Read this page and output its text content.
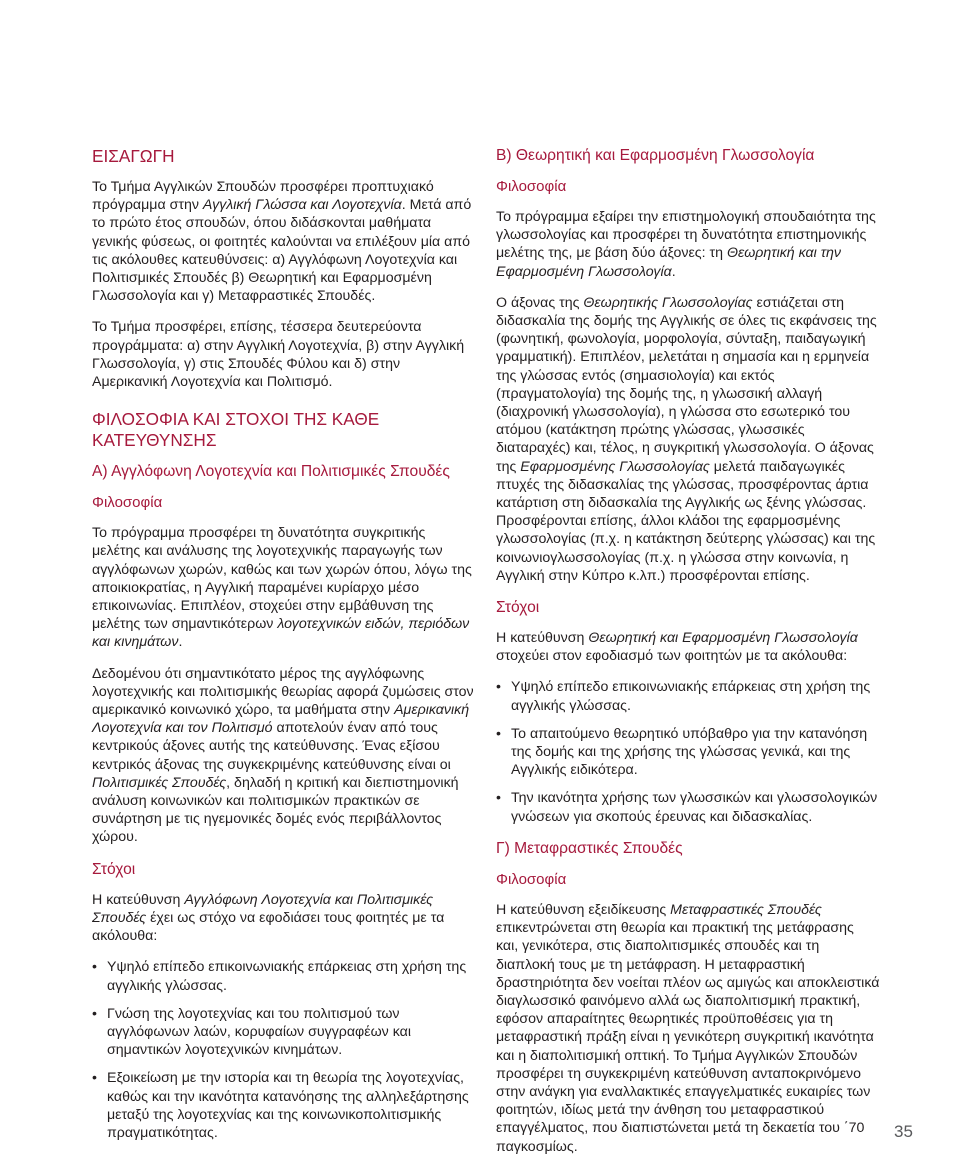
ΕΙΣΑΓΩΓΗ

Το Τμήμα Αγγλικών Σπουδών προσφέρει προπτυχιακό πρόγραμμα στην Αγγλική Γλώσσα και Λογοτεχνία. Μετά από το πρώτο έτος σπουδών, όπου διδάσκονται μαθήματα γενικής φύσεως, οι φοιτητές καλούνται να επιλέξουν μία από τις ακόλουθες κατευθύνσεις: α) Αγγλόφωνη Λογοτεχνία και Πολιτισμικές Σπουδές β) Θεωρητική και Εφαρμοσμένη Γλωσσολογία και γ) Μεταφραστικές Σπουδές.

Το Τμήμα προσφέρει, επίσης, τέσσερα δευτερεύοντα προγράμματα: α) στην Αγγλική Λογοτεχνία, β) στην Αγγλική Γλωσσολογία, γ) στις Σπουδές Φύλου και δ) στην Αμερικανική Λογοτεχνία και Πολιτισμό.

ΦΙΛΟΣΟΦΙΑ ΚΑΙ ΣΤΟΧΟΙ ΤΗΣ ΚΑΘΕ ΚΑΤΕΥΘΥΝΣΗΣ
Α) Αγγλόφωνη Λογοτεχνία και Πολιτισμικές Σπουδές
Φιλοσοφία

Το πρόγραμμα προσφέρει τη δυνατότητα συγκριτικής μελέτης και ανάλυσης της λογοτεχνικής παραγωγής των αγγλόφωνων χωρών, καθώς και των χωρών όπου, λόγω της αποικιοκρατίας, η Αγγλική παραμένει κυρίαρχο μέσο επικοινωνίας. Επιπλέον, στοχεύει στην εμβάθυνση της μελέτης των σημαντικότερων λογοτεχνικών ειδών, περιόδων και κινημάτων.

Δεδομένου ότι σημαντικότατο μέρος της αγγλόφωνης λογοτεχνικής και πολιτισμικής θεωρίας αφορά ζυμώσεις στον αμερικανικό κοινωνικό χώρο, τα μαθήματα στην Αμερικανική Λογοτεχνία και τον Πολιτισμό αποτελούν έναν από τους κεντρικούς άξονες αυτής της κατεύθυνσης. Ένας εξίσου κεντρικός άξονας της συγκεκριμένης κατεύθυνσης είναι οι Πολιτισμικές Σπουδές, δηλαδή η κριτική και διεπιστημονική ανάλυση κοινωνικών και πολιτισμικών πρακτικών σε συνάρτηση με τις ηγεμονικές δομές ενός περιβάλλοντος χώρου.

Στόχοι

Η κατεύθυνση Αγγλόφωνη Λογοτεχνία και Πολιτισμικές Σπουδές έχει ως στόχο να εφοδιάσει τους φοιτητές με τα ακόλουθα:

• Υψηλό επίπεδο επικοινωνιακής επάρκειας στη χρήση της αγγλικής γλώσσας.
• Γνώση της λογοτεχνίας και του πολιτισμού των αγγλόφωνων λαών, κορυφαίων συγγραφέων και σημαντικών λογοτεχνικών κινημάτων.
• Εξοικείωση με την ιστορία και τη θεωρία της λογοτεχνίας, καθώς και την ικανότητα κατανόησης της αλληλεξάρτησης μεταξύ της λογοτεχνίας και της κοινωνικοπολιτισμικής πραγματικότητας.
Β) Θεωρητική και Εφαρμοσμένη Γλωσσολογία
Φιλοσοφία

Το πρόγραμμα εξαίρει την επιστημολογική σπουδαιότητα της γλωσσολογίας και προσφέρει τη δυνατότητα επιστημονικής μελέτης της, με βάση δύο άξονες: τη Θεωρητική και την Εφαρμοσμένη Γλωσσολογία.

Ο άξονας της Θεωρητικής Γλωσσολογίας εστιάζεται στη διδασκαλία της δομής της Αγγλικής σε όλες τις εκφάνσεις της (φωνητική, φωνολογία, μορφολογία, σύνταξη, παιδαγωγική γραμματική). Επιπλέον, μελετάται η σημασία και η ερμηνεία της γλώσσας εντός (σημασιολογία) και εκτός (πραγματολογία) της δομής της, η γλωσσική αλλαγή (διαχρονική γλωσσολογία), η γλώσσα στο εσωτερικό του ατόμου (κατάκτηση πρώτης γλώσσας, γλωσσικές διαταραχές) και, τέλος, η συγκριτική γλωσσολογία. Ο άξονας της Εφαρμοσμένης Γλωσσολογίας μελετά παιδαγωγικές πτυχές της διδασκαλίας της γλώσσας, προσφέροντας άρτια κατάρτιση στη διδασκαλία της Αγγλικής ως ξένης γλώσσας. Προσφέρονται επίσης, άλλοι κλάδοι της εφαρμοσμένης γλωσσολογίας (π.χ. η κατάκτηση δεύτερης γλώσσας) και της κοινωνιογλωσσολογίας (π.χ. η γλώσσα στην κοινωνία, η Αγγλική στην Κύπρο κ.λπ.) προσφέρονται επίσης.

Στόχοι

Η κατεύθυνση Θεωρητική και Εφαρμοσμένη Γλωσσολογία στοχεύει στον εφοδιασμό των φοιτητών με τα ακόλουθα:

• Υψηλό επίπεδο επικοινωνιακής επάρκειας στη χρήση της αγγλικής γλώσσας.
• Το απαιτούμενο θεωρητικό υπόβαθρο για την κατανόηση της δομής και της χρήσης της γλώσσας γενικά, και της Αγγλικής ειδικότερα.
• Την ικανότητα χρήσης των γλωσσικών και γλωσσολογικών γνώσεων για σκοπούς έρευνας και διδασκαλίας.
Γ) Μεταφραστικές Σπουδές
Φιλοσοφία

Η κατεύθυνση εξειδίκευσης Μεταφραστικές Σπουδές επικεντρώνεται στη θεωρία και πρακτική της μετάφρασης και, γενικότερα, στις διαπολιτισμικές σπουδές και τη διαπλοκή τους με τη μετάφραση. Η μεταφραστική δραστηριότητα δεν νοείται πλέον ως αμιγώς και αποκλειστικά διαγλωσσικό φαινόμενο αλλά ως διαπολιτισμική πρακτική, εφόσον απαραίτητες θεωρητικές προϋποθέσεις για τη μεταφραστική πράξη είναι η γενικότερη συγκριτική ικανότητα και η διαπολιτισμική οπτική. Το Τμήμα Αγγλικών Σπουδών προσφέρει τη συγκεκριμένη κατεύθυνση ανταποκρινόμενο στην ανάγκη για εναλλακτικές επαγγελματικές ευκαιρίες των φοιτητών, ιδίως μετά την άνθηση του μεταφραστικού επαγγέλματος, που διαπιστώνεται μετά τη δεκαετία του ΄70 παγκοσμίως.

35
